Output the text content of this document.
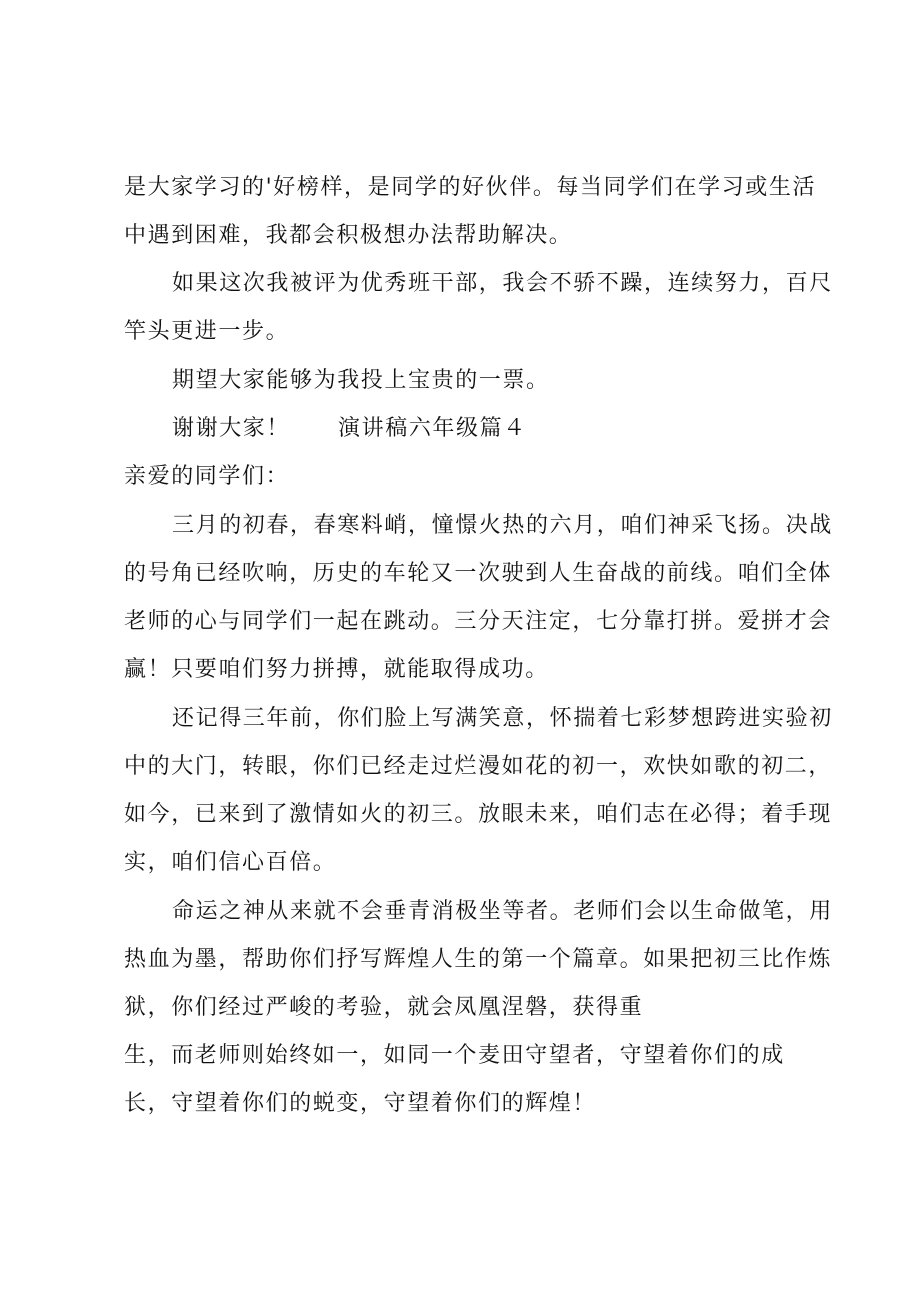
是大家学习的'好榜样，是同学的好伙伴。每当同学们在学习或生活
中遇到困难，我都会积极想办法帮助解决。
如果这次我被评为优秀班干部，我会不骄不躁，连续努力，百尺
竿头更进一步。
期望大家能够为我投上宝贵的一票。
谢谢大家！ 演讲稿六年级篇４
亲爱的同学们：
三月的初春，春寒料峭，憧憬火热的六月，咱们神采飞扬。决战
的号角已经吹响，历史的车轮又一次驶到人生奋战的前线。咱们全体
老师的心与同学们一起在跳动。三分天注定，七分靠打拼。爱拼才会
赢！只要咱们努力拼搏，就能取得成功。
还记得三年前，你们脸上写满笑意，怀揣着七彩梦想跨进实验初
中的大门，转眼，你们已经走过烂漫如花的初一，欢快如歌的初二，
如今，已来到了激情如火的初三。放眼未来，咱们志在必得；着手现
实，咱们信心百倍。
命运之神从来就不会垂青消极坐等者。老师们会以生命做笔，用
热血为墨，帮助你们抒写辉煌人生的第一个篇章。如果把初三比作炼
狱，你们经过严峻的考验，就会凤凰涅磐，获得重
生，而老师则始终如一，如同一个麦田守望者，守望着你们的成
长，守望着你们的蜕变，守望着你们的辉煌！
